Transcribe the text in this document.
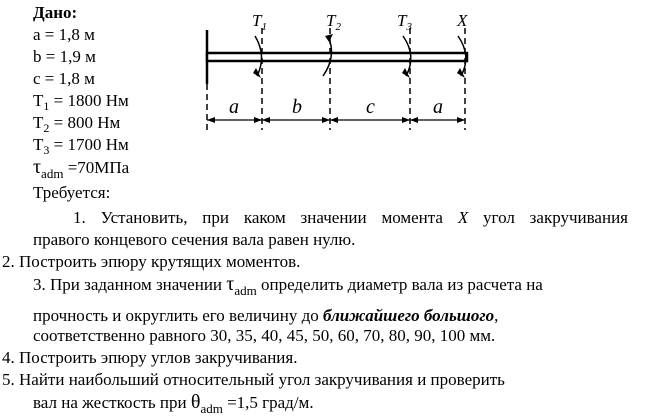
Дано:
a = 1,8 м
b = 1,9 м
c = 1,8 м
$T_1 = 1800$ Нм
$T_2 = 800$ Нм
$T_3 = 1700$ Нм
$\tau_{adm} =70МПа$
$T_1$	$T_2$	$T_3$	X
a	b	c	a
Требуется:
1. Установить, при каком значении момента X угол закручивания
правого концевого сечения вала равен нулю.
2. Построить эпюру крутящих моментов.
3. При заданном значении $\tau_{adm}$ определить диаметр вала из расчета на
прочность и округлить его величину до ближайшего большого,
соответственно равного 30, 35, 40, 45, 50, 60, 70, 80, 90, 100 мм.
4. Построить эпюру углов закручивания.
5. Найти наибольший относительный угол закручивания и проверить
вал на жесткость при $\theta_{adm} =1,5$ град/м.
